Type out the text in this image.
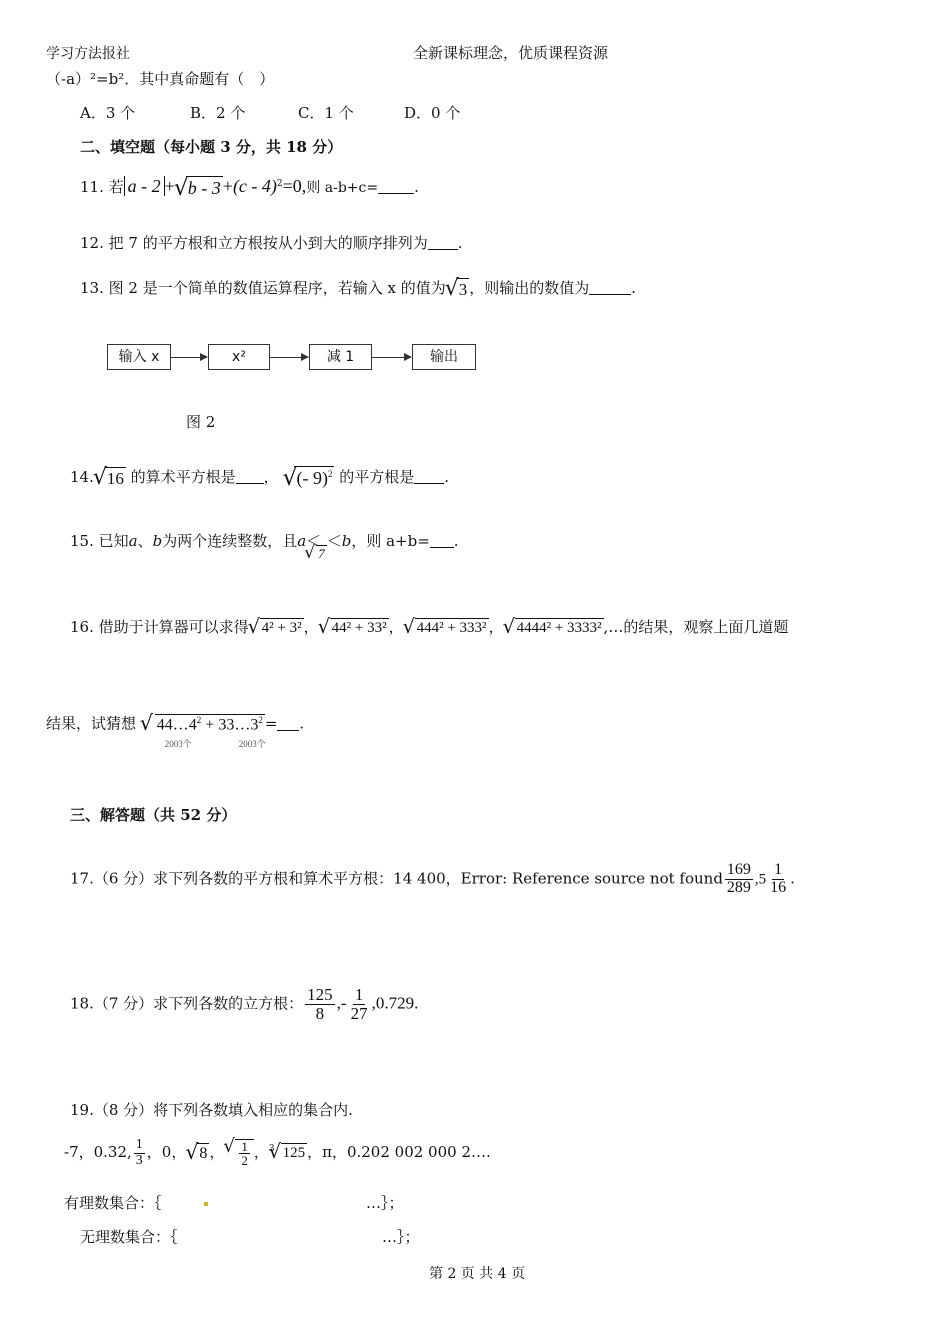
学习方法报社	全新课标理念，优质课程资源
（-a）²=b²．其中真命题有（　）
A．3 个	B．2 个	C．1 个	D．0 个
二、填空题（每小题 3 分，共 18 分）
11. 若 a - 2 + √ b - 3 +(c - 4)$^2$=0,则 a-b+c= .
12. 把 7 的平方根和立方根按从小到大的顺序排列为 .
13. 图 2 是一个简单的数值运算程序，若输入 x 的值为 √ 3 ，则输出的数值为	.
输入 x	x²	减 1	输出
图 2
14. √ 16 的算术平方根是 ， √ (- 9)$^2$ 的平方根是 .
15. 已知a、b为两个连续整数，且a＜√ 7＜b，则 a+b= .
16. 借助于计算器可以求得 √ 4² + 3² ， √ 44² + 33² ， √ 444² + 333² ， √ 4444² + 3333² ,…的结果，观察上面几道题
结果，试猜想 √ $44\dots 4^2$ + $33\dots 3^2$
2003个	2003个
= .
三、解答题（共 52 分）
17.（6 分）求下列各数的平方根和算术平方根：14 400，Error: Reference source not found $\frac{169}{289} ,5 \frac{1}{16}$ .
18.（7 分）求下列各数的立方根： $\frac{125}{8}$ ,- $\frac{1}{27} ,0.729$.
19.（8 分）将下列各数填入相应的集合内.
-7，0.32, $\frac{1}{3}$ ，0， √ 8 ， √ $\frac{1}{2}$ ，$^3$ √ 125 ，π，0.202 002 000 2….
有理数集合：｛	…｝；
无理数集合：｛	…｝；
第 2 页 共 4 页
